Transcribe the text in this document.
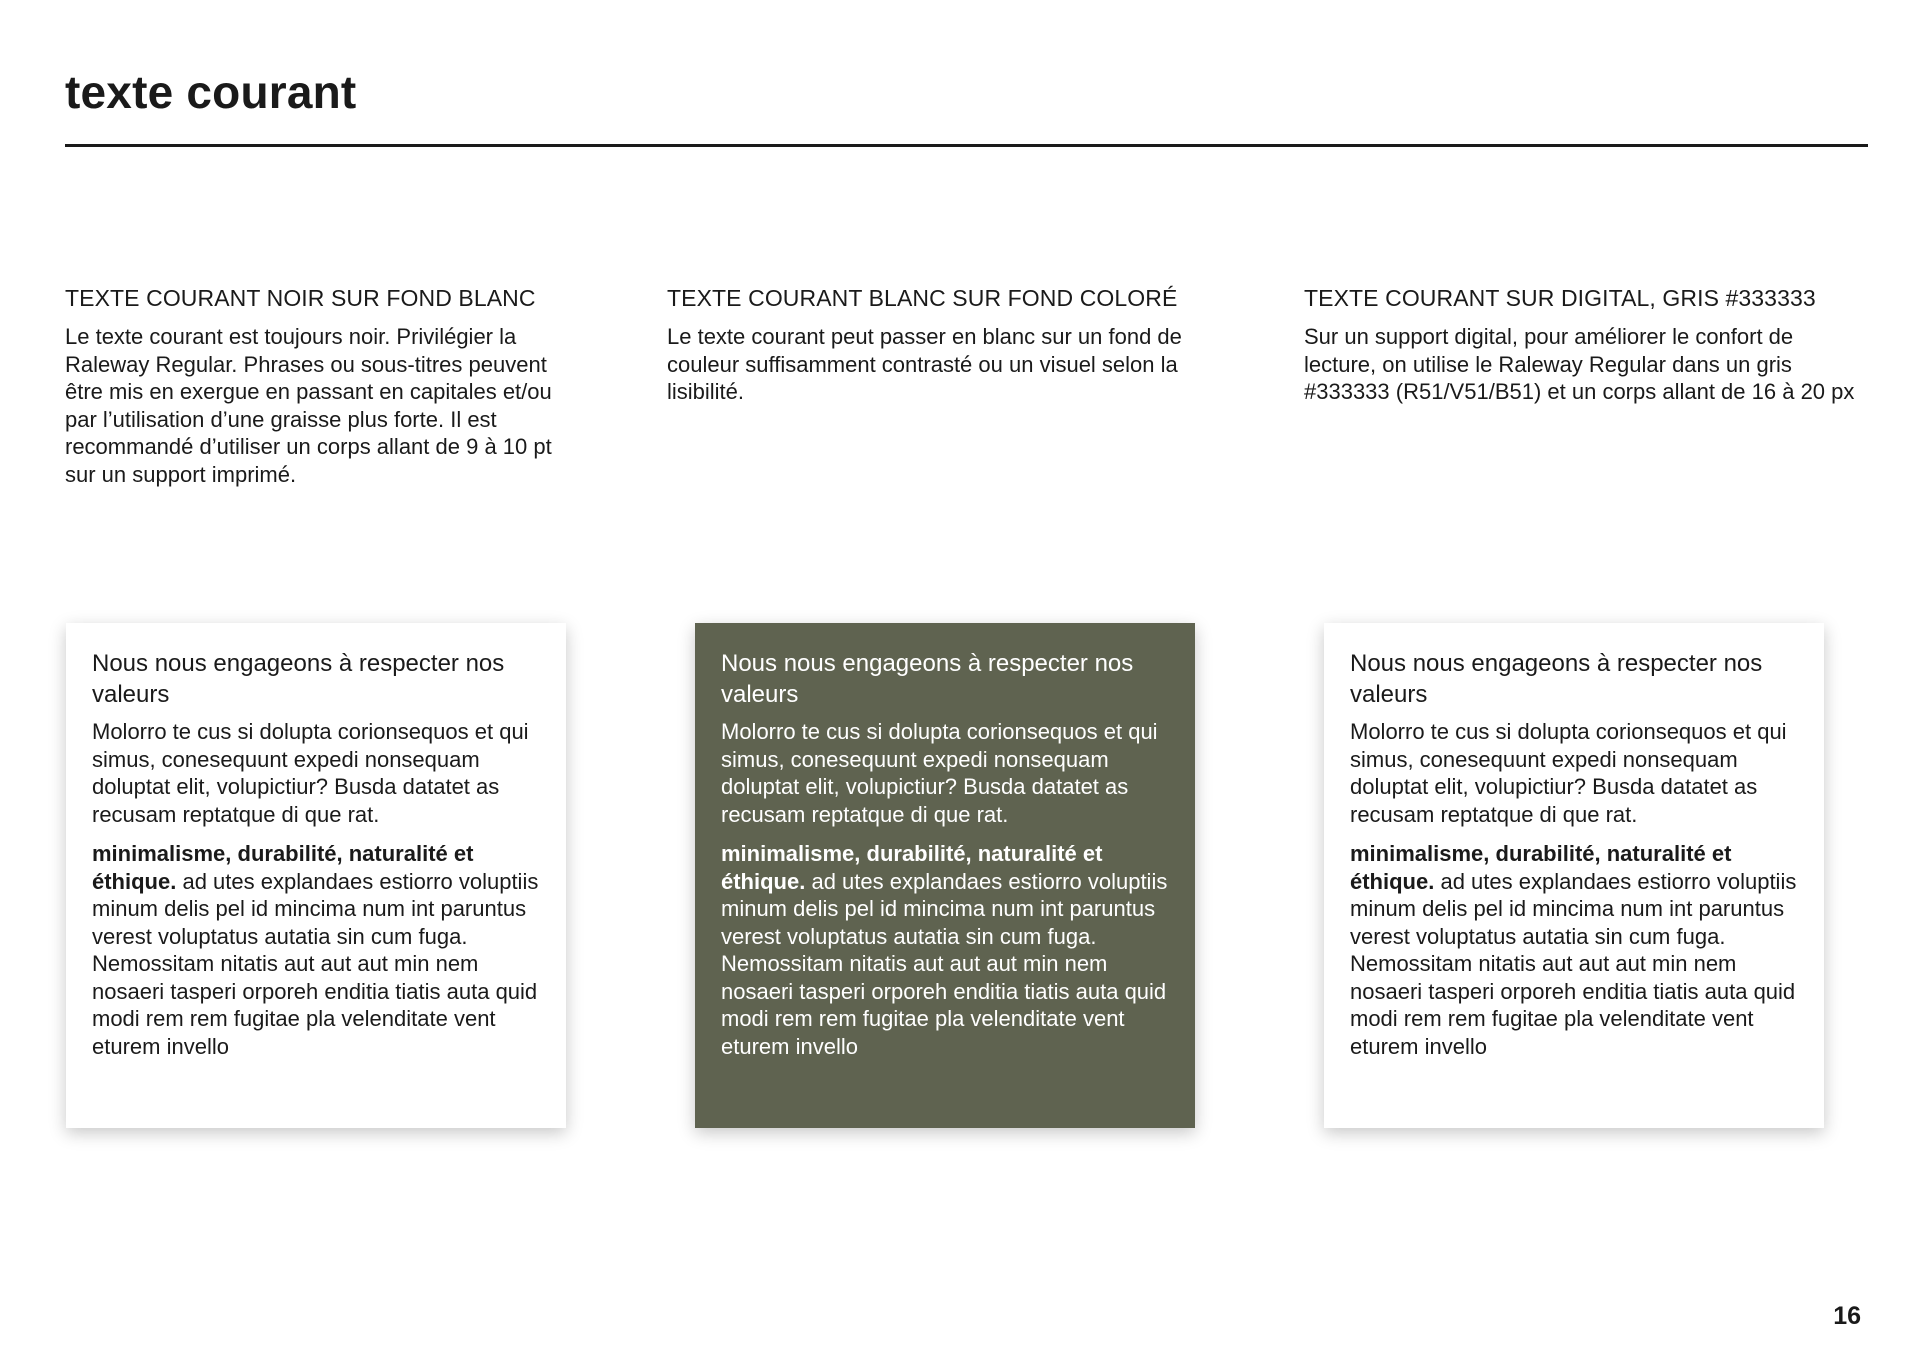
texte courant
TEXTE COURANT NOIR SUR FOND BLANC

Le texte courant est toujours noir. Privilégier la Raleway Regular. Phrases ou sous-titres peuvent être mis en exergue en passant en capitales et/ou par l’utilisation d’une graisse plus forte. Il est recommandé d’utiliser un corps allant de 9 à 10 pt sur un support imprimé.

TEXTE COURANT BLANC SUR FOND COLORÉ

Le texte courant peut passer en blanc sur un fond de couleur suffisamment contrasté ou un visuel selon la lisibilité.

TEXTE COURANT SUR DIGITAL, GRIS #333333

Sur un support digital, pour améliorer le confort de lecture, on utilise le Raleway Regular dans un gris #333333 (R51/V51/B51) et un corps allant de 16 à 20 px

Nous nous engageons à respecter nos valeurs

Molorro te cus si dolupta corionsequos et qui simus, conesequunt expedi nonsequam doluptat elit, volupictiur? Busda datatet as recusam reptatque di que rat.

minimalisme, durabilité, naturalité et éthique. ad utes explandaes estiorro voluptiis minum delis pel id mincima num int paruntus verest voluptatus autatia sin cum fuga. Nemossitam nitatis aut aut aut min nem nosaeri tasperi orporeh enditia tiatis auta quid modi rem rem fugitae pla velenditate vent eturem invello

Nous nous engageons à respecter nos valeurs

Molorro te cus si dolupta corionsequos et qui simus, conesequunt expedi nonsequam doluptat elit, volupictiur? Busda datatet as recusam reptatque di que rat.

minimalisme, durabilité, naturalité et éthique. ad utes explandaes estiorro voluptiis minum delis pel id mincima num int paruntus verest voluptatus autatia sin cum fuga. Nemossitam nitatis aut aut aut min nem nosaeri tasperi orporeh enditia tiatis auta quid modi rem rem fugitae pla velenditate vent eturem invello

Nous nous engageons à respecter nos valeurs

Molorro te cus si dolupta corionsequos et qui simus, conesequunt expedi nonsequam doluptat elit, volupictiur? Busda datatet as recusam reptatque di que rat.

minimalisme, durabilité, naturalité et éthique. ad utes explandaes estiorro voluptiis minum delis pel id mincima num int paruntus verest voluptatus autatia sin cum fuga. Nemossitam nitatis aut aut aut min nem nosaeri tasperi orporeh enditia tiatis auta quid modi rem rem fugitae pla velenditate vent eturem invello

16
